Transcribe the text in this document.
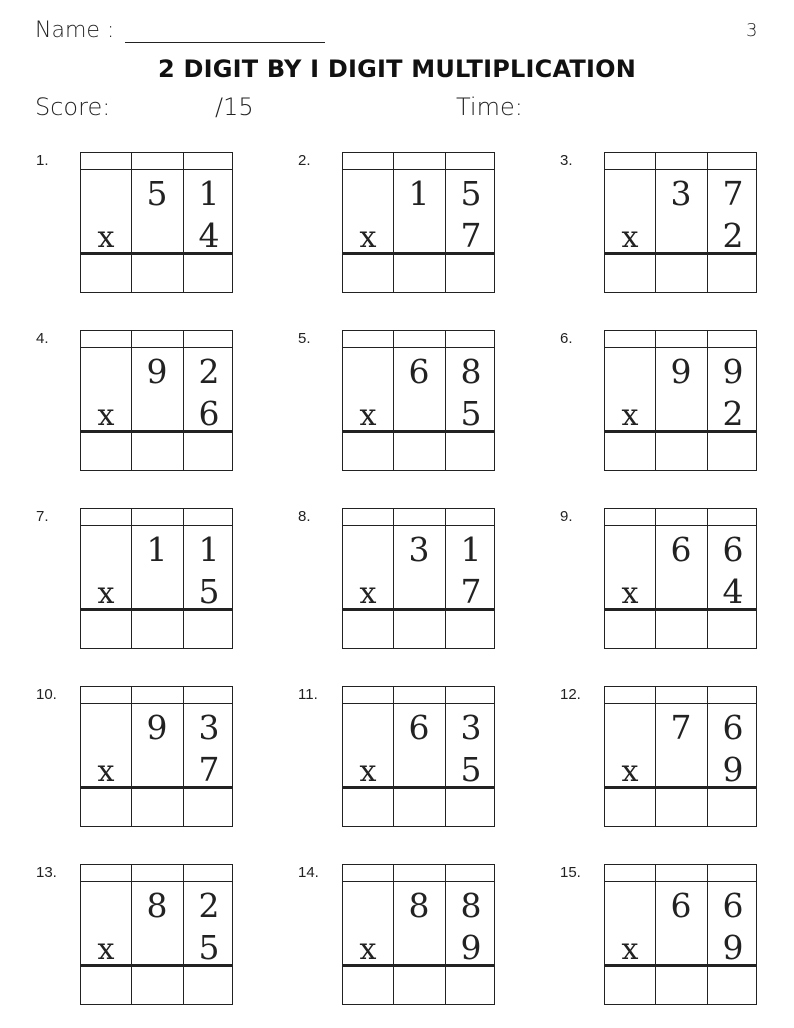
Name :	3
2 DIGIT BY I DIGIT MULTIPLICATION
Score:	/15	Time:
1.
5 1
x	4
2.
1 5
x	7
3.
3 7
x	2
4.
9 2
x	6
5.
6 8
x	5
6.
9 9
x	2
7.
1 1
x	5
8.
3 1
x	7
9.
6 6
x	4
10.
9 3
x	7
11.
6 3
x	5
12.
7 6
x	9
13.
8 2
x	5
14.
8 8
x	9
15.
6 6
x	9
